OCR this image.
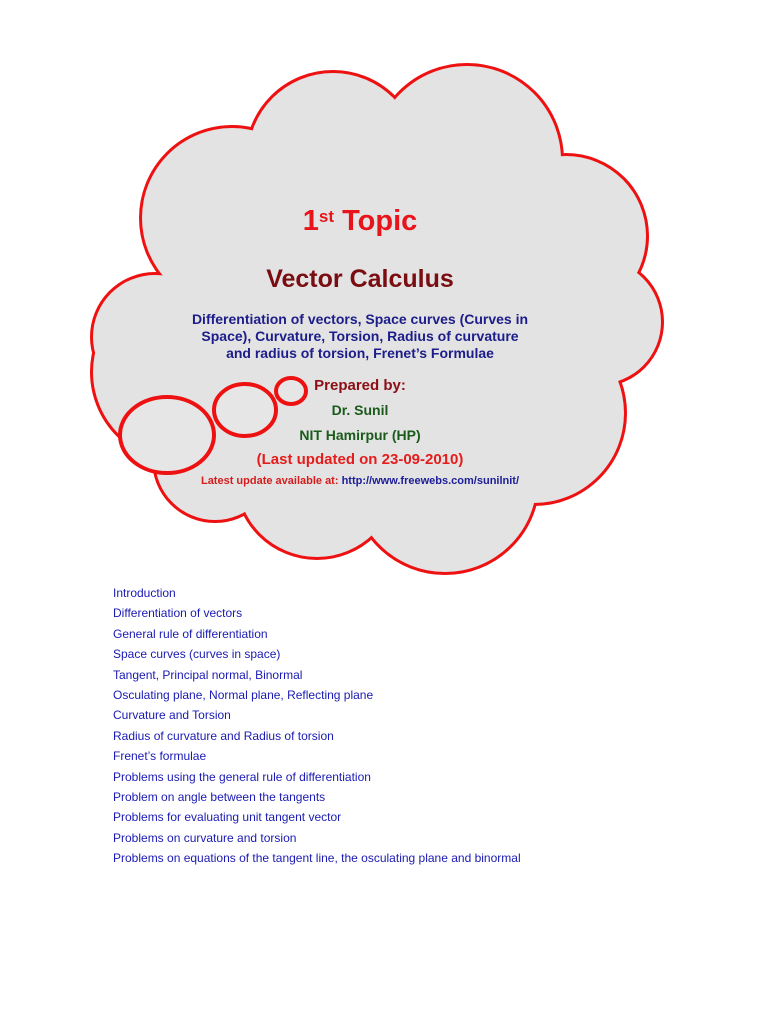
1st Topic
Vector Calculus
Differentiation of vectors, Space curves (Curves in
Space), Curvature, Torsion, Radius of curvature
and radius of torsion, Frenet’s Formulae
Prepared by:
Dr. Sunil
NIT Hamirpur (HP)
(Last updated on 23-09-2010)
Latest update available at: http://www.freewebs.com/sunilnit/
Introduction
Differentiation of vectors
General rule of differentiation
Space curves (curves in space)
Tangent, Principal normal, Binormal
Osculating plane, Normal plane, Reflecting plane
Curvature and Torsion
Radius of curvature and Radius of torsion
Frenet’s formulae
Problems using the general rule of differentiation
Problem on angle between the tangents
Problems for evaluating unit tangent vector
Problems on curvature and torsion
Problems on equations of the tangent line, the osculating plane and binormal
